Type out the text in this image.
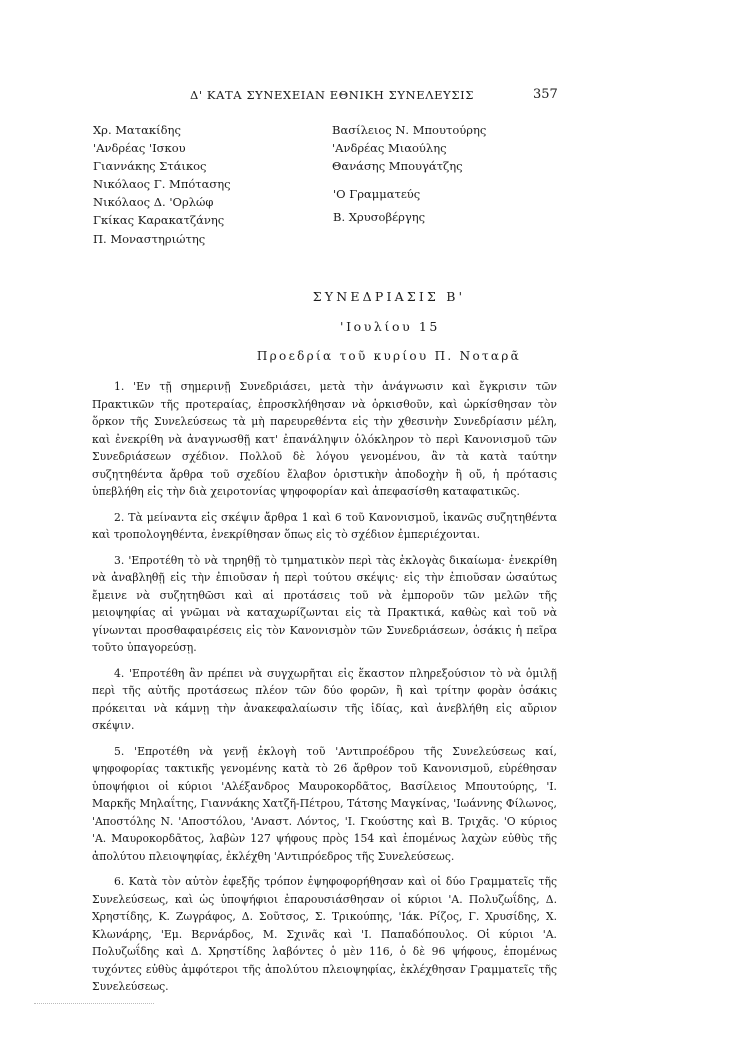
Δ' ΚΑΤΑ ΣΥΝΕΧΕΙΑΝ ΕΘΝΙΚΗ ΣΥΝΕΛΕΥΣΙΣ	357
Χρ. Ματακίδης
'Ανδρέας 'Ισκου
Γιαννάκης Στάικος
Νικόλαος Γ. Μπότασης
Νικόλαος Δ. 'Ορλώφ
Γκίκας Καρακατζάνης
Π. Μοναστηριώτης
Βασίλειος Ν. Μπουτούρης
'Ανδρέας Μιαούλης
Θανάσης Μπουγάτζης
'Ο Γραμματεύς
Β. Χρυσοβέργης
ΣΥΝΕΔΡΙΑΣΙΣ Β'
'Ιουλίου 15
Προεδρία τοῦ κυρίου Π. Νοταρᾶ

1. 'Εν τῇ σημερινῇ Συνεδριάσει, μετὰ τὴν ἀνάγνωσιν καὶ ἔγκρισιν τῶν Πρακτικῶν τῆς προτεραίας, ἐπροσκλήθησαν νὰ ὁρκισθοῦν, καὶ ὡρκίσθησαν τὸν ὅρκον τῆς Συνελεύσεως τὰ μὴ παρευρεθέντα εἰς τὴν χθεσινὴν Συνεδρίασιν μέλη, καὶ ἐνεκρίθη νὰ ἀναγνωσθῇ κατ' ἐπανάληψιν ὁλόκληρον τὸ περὶ Κανονισμοῦ τῶν Συνεδριάσεων σχέδιον. Πολλοῦ δὲ λόγου γενομένου, ἂν τὰ κατὰ ταύτην συζητηθέντα ἄρθρα τοῦ σχεδίου ἔλαβον ὁριστικὴν ἀποδοχὴν ἢ οὔ, ἡ πρότασις ὑπεβλήθη εἰς τὴν διὰ χειροτονίας ψηφοφορίαν καὶ ἀπεφασίσθη καταφατικῶς.

2. Τὰ μείναντα εἰς σκέψιν ἄρθρα 1 καὶ 6 τοῦ Κανονισμοῦ, ἱκανῶς συζητηθέντα καὶ τροπολογηθέντα, ἐνεκρίθησαν ὅπως εἰς τὸ σχέδιον ἐμπεριέχονται.

3. 'Επροτέθη τὸ νὰ τηρηθῇ τὸ τμηματικὸν περὶ τὰς ἐκλογὰς δικαίωμα· ἐνεκρίθη νὰ ἀναβληθῇ εἰς τὴν ἐπιοῦσαν ἡ περὶ τούτου σκέψις· εἰς τὴν ἐπιοῦσαν ὡσαύτως ἔμεινε νὰ συζητηθῶσι καὶ αἱ προτάσεις τοῦ νὰ ἐμποροῦν τῶν μελῶν τῆς μειοψηφίας αἱ γνῶμαι νὰ καταχωρίζωνται εἰς τὰ Πρακτικά, καθὼς καὶ τοῦ νὰ γίνωνται προσθαφαιρέσεις εἰς τὸν Κανονισμὸν τῶν Συνεδριάσεων, ὁσάκις ἡ πεῖρα τοῦτο ὑπαγορεύσῃ.

4. 'Επροτέθη ἂν πρέπει νὰ συγχωρῆται εἰς ἕκαστον πληρεξούσιον τὸ νὰ ὁμιλῇ περὶ τῆς αὐτῆς προτάσεως πλέον τῶν δύο φορῶν, ἢ καὶ τρίτην φορὰν ὁσάκις πρόκειται νὰ κάμνῃ τὴν ἀνακεφαλαίωσιν τῆς ἰδίας, καὶ ἀνεβλήθη εἰς αὔριον σκέψιν.

5. 'Επροτέθη νὰ γενῇ ἐκλογὴ τοῦ 'Αντιπροέδρου τῆς Συνελεύσεως καί, ψηφοφορίας τακτικῆς γενομένης κατὰ τὸ 26 ἄρθρον τοῦ Κανονισμοῦ, εὑρέθησαν ὑποψήφιοι οἱ κύριοι 'Αλέξανδρος Μαυροκορδᾶτος, Βασίλειος Μπουτούρης, 'Ι. Μαρκῆς Μηλαΐτης, Γιαννάκης Χατζῆ-Πέτρου, Τάτσης Μαγκίνας, 'Ιωάννης Φίλωνος, 'Αποστόλης Ν. 'Αποστόλου, 'Αναστ. Λόντος, 'Ι. Γκούστης καὶ Β. Τριχᾶς. 'Ο κύριος 'Α. Μαυροκορδᾶτος, λαβὼν 127 ψήφους πρὸς 154 καὶ ἑπομένως λαχὼν εὐθὺς τῆς ἀπολύτου πλειοψηφίας, ἐκλέχθη 'Αντιπρόεδρος τῆς Συνελεύσεως.

6. Κατὰ τὸν αὐτὸν ἐφεξῆς τρόπον ἐψηφοφορήθησαν καὶ οἱ δύο Γραμματεῖς τῆς Συνελεύσεως, καὶ ὡς ὑποψήφιοι ἐπαρουσιάσθησαν οἱ κύριοι 'Α. Πολυζωΐδης, Δ. Χρηστίδης, Κ. Ζωγράφος, Δ. Σοῦτσος, Σ. Τρικούπης, 'Ιάκ. Ρίζος, Γ. Χρυσίδης, Χ. Κλωνάρης, 'Εμ. Βερνάρδος, Μ. Σχινᾶς καὶ 'Ι. Παπαδόπουλος. Οἱ κύριοι 'Α. Πολυζωΐδης καὶ Δ. Χρηστίδης λαβόντες ὁ μὲν 116, ὁ δὲ 96 ψήφους, ἑπομένως τυχόντες εὐθὺς ἀμφότεροι τῆς ἀπολύτου πλειοψηφίας, ἐκλέχθησαν Γραμματεῖς τῆς Συνελεύσεως.
